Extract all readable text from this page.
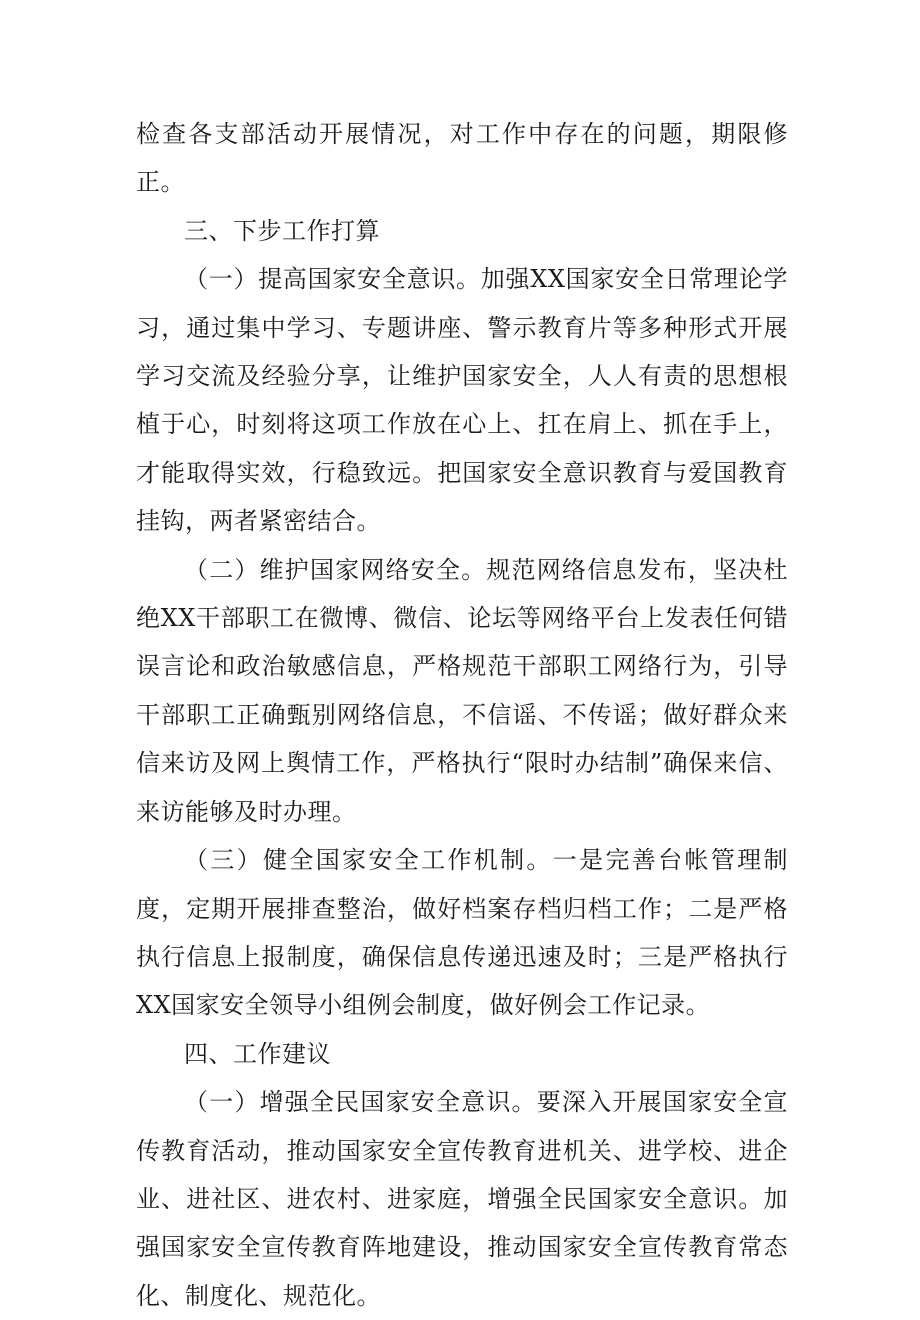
检查各支部活动开展情况，对工作中存在的问题，期限修正。

三、下步工作打算

（一）提高国家安全意识。加强XX国家安全日常理论学习，通过集中学习、专题讲座、警示教育片等多种形式开展学习交流及经验分享，让维护国家安全，人人有责的思想根植于心，时刻将这项工作放在心上、扛在肩上、抓在手上，才能取得实效，行稳致远。把国家安全意识教育与爱国教育挂钩，两者紧密结合。

（二）维护国家网络安全。规范网络信息发布，坚决杜绝XX干部职工在微博、微信、论坛等网络平台上发表任何错误言论和政治敏感信息，严格规范干部职工网络行为，引导干部职工正确甄别网络信息，不信谣、不传谣；做好群众来信来访及网上舆情工作，严格执行“限时办结制”确保来信、来访能够及时办理。

（三）健全国家安全工作机制。一是完善台帐管理制度，定期开展排查整治，做好档案存档归档工作；二是严格执行信息上报制度，确保信息传递迅速及时；三是严格执行XX国家安全领导小组例会制度，做好例会工作记录。

四、工作建议

（一）增强全民国家安全意识。要深入开展国家安全宣传教育活动，推动国家安全宣传教育进机关、进学校、进企业、进社区、进农村、进家庭，增强全民国家安全意识。加强国家安全宣传教育阵地建设，推动国家安全宣传教育常态化、制度化、规范化。
